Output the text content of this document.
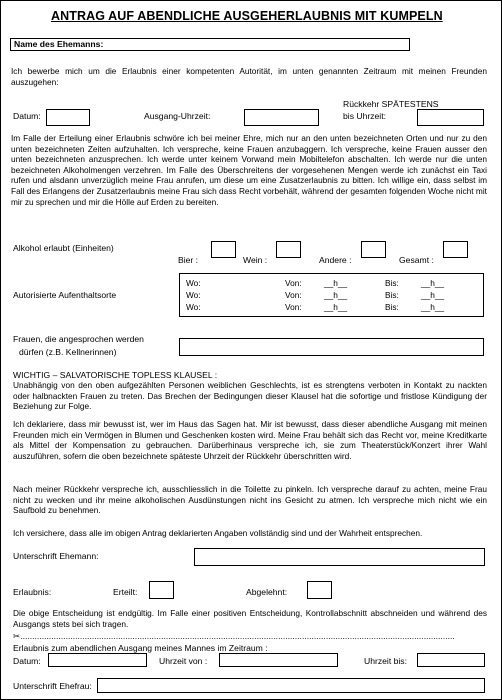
ANTRAG AUF ABENDLICHE AUSGEHERLAUBNIS MIT KUMPELN
Name des Ehemanns:
Ich bewerbe mich um die Erlaubnis einer kompetenten Autorität, im unten genannten Zeitraum mit meinen Freunden auszugehen:
Datum:	Ausgang-Uhrzeit:
Rückkehr SPÄTESTENS
bis Uhrzeit:
Im Falle der Erteilung einer Erlaubnis schwöre ich bei meiner Ehre, mich nur an den unten bezeichneten Orten und nur zu den unten bezeichneten Zeiten aufzuhalten. Ich verspreche, keine Frauen anzubaggern. Ich verspreche, keine Frauen ausser den unten bezeichneten anzusprechen. Ich werde unter keinem Vorwand mein Mobiltelefon abschalten. Ich werde nur die unten bezeichneten Alkoholmengen verzehren. Im Falle des Überschreitens der vorgesehenen Mengen werde ich zunächst ein Taxi rufen und alsdann unverzüglich meine Frau anrufen, um diese um eine Zusatzerlaubnis zu bitten. Ich willige ein, dass selbst im Fall des Erlangens der Zusatzerlaubnis meine Frau sich dass Recht vorbehält, während der gesamten folgenden Woche nicht mit mir zu sprechen und mir die Hölle auf Erden zu bereiten.
Alkohol erlaubt (Einheiten)
Bier :	Wein :	Andere :	Gesamt :
Autorisierte Aufenthaltsorte
Wo:	Von:	__h__	Bis:	__h__
Wo:	Von:	__h__	Bis:	__h__
Wo:	Von:	__h__	Bis:	__h__
Frauen, die angesprochen werden
dürfen (z.B. Kellnerinnen)
WICHTIG – SALVATORISCHE TOPLESS KLAUSEL :
Unabhängig von den oben aufgezählten Personen weiblichen Geschlechts, ist es strengtens verboten in Kontakt zu nackten oder halbnackten Frauen zu treten. Das Brechen der Bedingungen dieser Klausel hat die sofortige und fristlose Kündigung der Beziehung zur Folge.
Ich deklariere, dass mir bewusst ist, wer im Haus das Sagen hat. Mir ist bewusst, dass dieser abendliche Ausgang mit meinen Freunden mich ein Vermögen in Blumen und Geschenken kosten wird. Meine Frau behält sich das Recht vor, meine Kreditkarte als Mittel der Kompensation zu gebrauchen. Darüberhinaus verspreche ich, sie zum Theaterstück/Konzert ihrer Wahl auszuführen, sofern die oben bezeichnete späteste Uhrzeit der Rückkehr überschritten wird.
Nach meiner Rückkehr verspreche ich, ausschliesslich in die Toilette zu pinkeln. Ich verspreche darauf zu achten, meine Frau nicht zu wecken und ihr meine alkoholischen Ausdünstungen nicht ins Gesicht zu atmen. Ich verspreche mich nicht wie ein Saufbold zu benehmen.
Ich versichere, dass alle im obigen Antrag deklarierten Angaben vollständig sind und der Wahrheit entsprechen.
Unterschrift Ehemann:
Erlaubnis:	Erteilt:	Abgelehnt:
Die obige Entscheidung ist endgültig. Im Falle einer positiven Entscheidung, Kontrollabschnitt abschneiden und während des Ausgangs stets bei sich tragen.
✂......................................................................................................................................................................................
Erlaubnis zum abendlichen Ausgang meines Mannes im Zeitraum :
Datum:	Uhrzeit von :	Uhrzeit bis:
Unterschrift Ehefrau:
